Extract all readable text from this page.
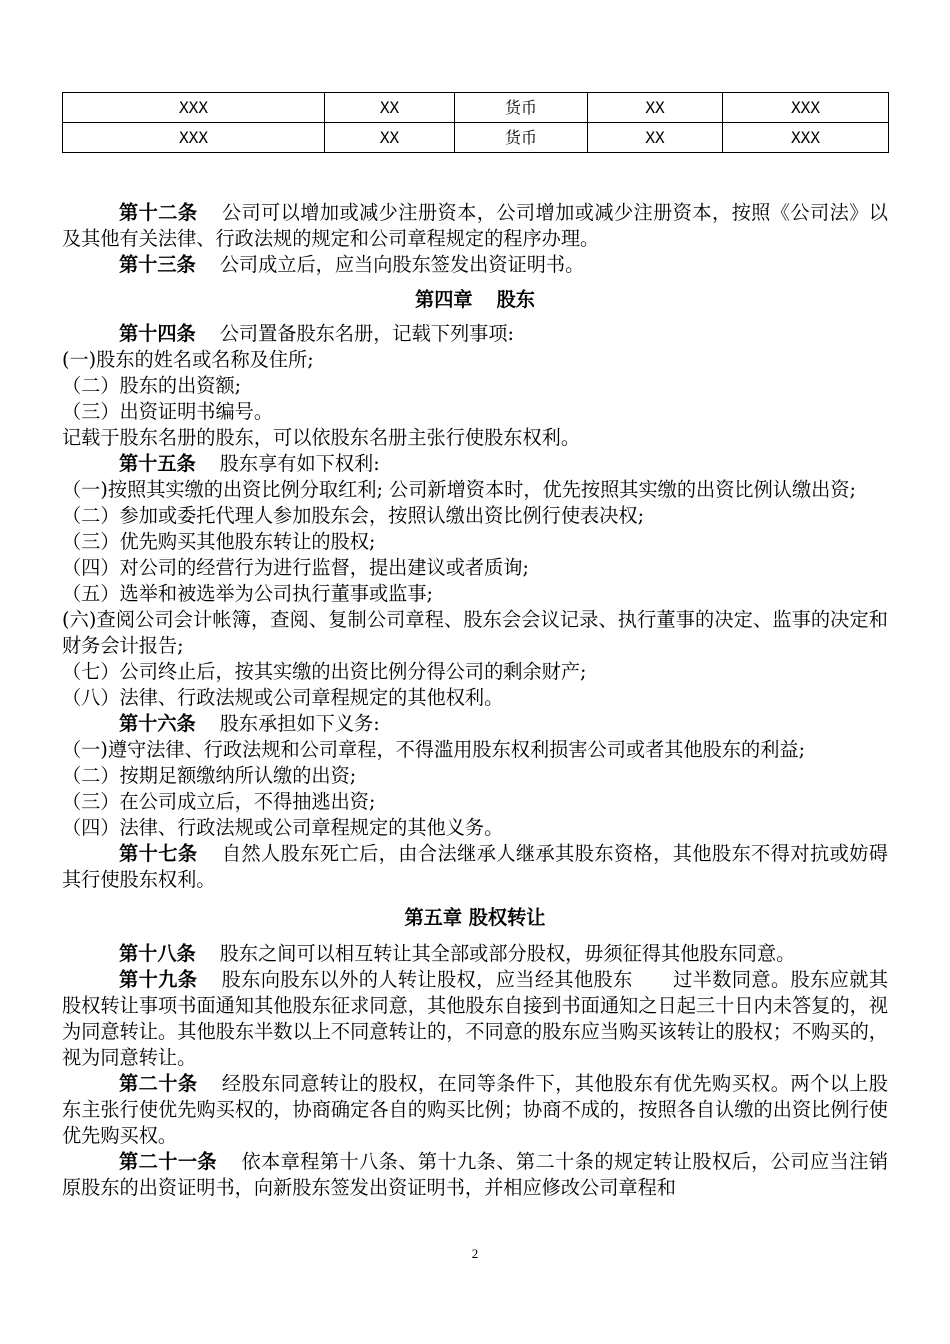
XXX	XX	货币	XX	XXX
XXX	XX	货币	XX	XXX

第十二条 公司可以增加或减少注册资本，公司增加或减少注册资本，按照《公司法》以及其他有关法律、行政法规的规定和公司章程规定的程序办理。

第十三条 公司成立后，应当向股东签发出资证明书。

第四章 股东

第十四条 公司置备股东名册，记载下列事项:

(一)股东的姓名或名称及住所;

（二）股东的出资额;

（三）出资证明书编号。

记载于股东名册的股东，可以依股东名册主张行使股东权利。

第十五条 股东享有如下权利:

（一)按照其实缴的出资比例分取红利; 公司新增资本时，优先按照其实缴的出资比例认缴出资;

（二）参加或委托代理人参加股东会，按照认缴出资比例行使表决权;

（三）优先购买其他股东转让的股权;

（四）对公司的经营行为进行监督，提出建议或者质询;

（五）选举和被选举为公司执行董事或监事;

(六)查阅公司会计帐簿，查阅、复制公司章程、股东会会议记录、执行董事的决定、监事的决定和财务会计报告;

（七）公司终止后，按其实缴的出资比例分得公司的剩余财产;

（八）法律、行政法规或公司章程规定的其他权利。

第十六条 股东承担如下义务:

（一)遵守法律、行政法规和公司章程，不得滥用股东权利损害公司或者其他股东的利益;

（二）按期足额缴纳所认缴的出资;

（三）在公司成立后，不得抽逃出资;

（四）法律、行政法规或公司章程规定的其他义务。

第十七条 自然人股东死亡后，由合法继承人继承其股东资格，其他股东不得对抗或妨碍其行使股东权利。

第五章 股权转让

第十八条 股东之间可以相互转让其全部或部分股权，毋须征得其他股东同意。

第十九条 股东向股东以外的人转让股权，应当经其他股东 过半数同意。股东应就其股权转让事项书面通知其他股东征求同意，其他股东自接到书面通知之日起三十日内未答复的，视为同意转让。其他股东半数以上不同意转让的，不同意的股东应当购买该转让的股权；不购买的，视为同意转让。

第二十条 经股东同意转让的股权，在同等条件下，其他股东有优先购买权。两个以上股东主张行使优先购买权的，协商确定各自的购买比例；协商不成的，按照各自认缴的出资比例行使优先购买权。

第二十一条 依本章程第十八条、第十九条、第二十条的规定转让股权后，公司应当注销原股东的出资证明书，向新股东签发出资证明书，并相应修改公司章程和

2
